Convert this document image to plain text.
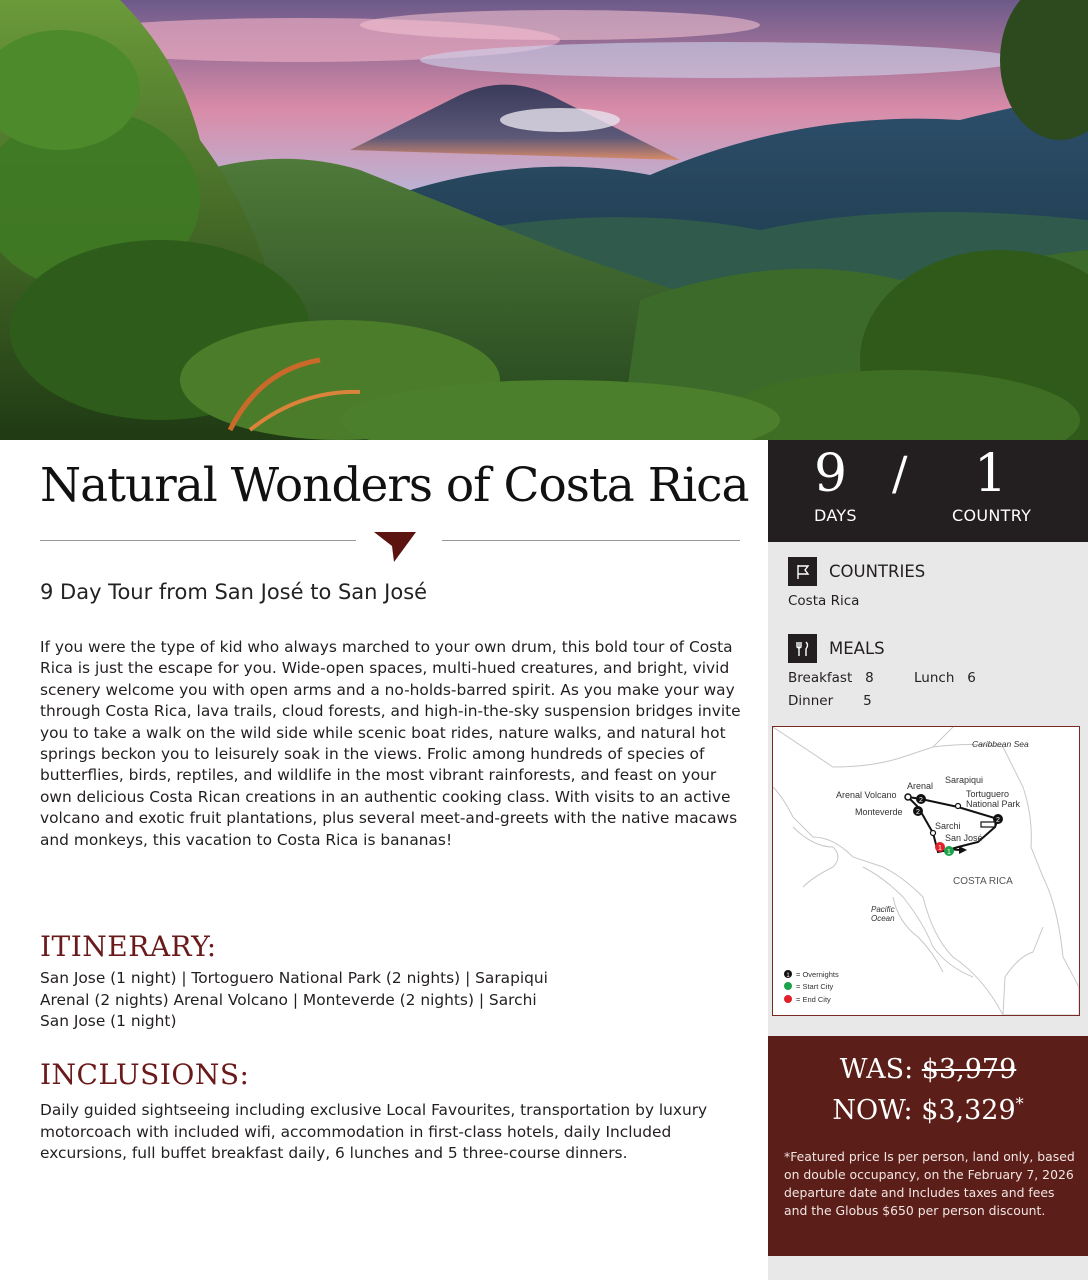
Natural Wonders of Costa Rica
9 Day Tour from San José to San José
If you were the type of kid who always marched to your own drum, this bold tour of Costa Rica is just the escape for you. Wide-open spaces, multi-hued creatures, and bright, vivid scenery welcome you with open arms and a no-holds-barred spirit. As you make your way through Costa Rica, lava trails, cloud forests, and high-in-the-sky suspension bridges invite you to take a walk on the wild side while scenic boat rides, nature walks, and natural hot springs beckon you to leisurely soak in the views. Frolic among hundreds of species of butterflies, birds, reptiles, and wildlife in the most vibrant rainforests, and feast on your own delicious Costa Rican creations in an authentic cooking class. With visits to an active volcano and exotic fruit plantations, plus several meet-and-greets with the native macaws and monkeys, this vacation to Costa Rica is bananas!
ITINERARY:
San Jose (1 night) | Tortoguero National Park (2 nights) | Sarapiqui
Arenal (2 nights) Arenal Volcano | Monteverde (2 nights) | Sarchi
San Jose (1 night)
INCLUSIONS:
Daily guided sightseeing including exclusive Local Favourites, transportation by luxury motorcoach with included wifi, accommodation in first-class hotels, daily Included excursions, full buffet breakfast daily, 6 lunches and 5 three-course dinners.
9 / 1
DAYS	COUNTRY
COUNTRIES
Costa Rica
MEALS
Breakfast 8	Lunch 6
Dinner 5
2
2
2
1
1
Caribbean Sea
Arenal
Arenal Volcano
Sarapiqui
Tortuguero National Park
Monteverde
Sarchi
San José
COSTA RICA
Pacific Ocean
1 = Overnights
= Start City
= End City
WAS: $3,979
NOW: $3,329*
*Featured price Is per person, land only, based on double occupancy, on the February 7, 2026 departure date and Includes taxes and fees and the Globus $650 per person discount.
